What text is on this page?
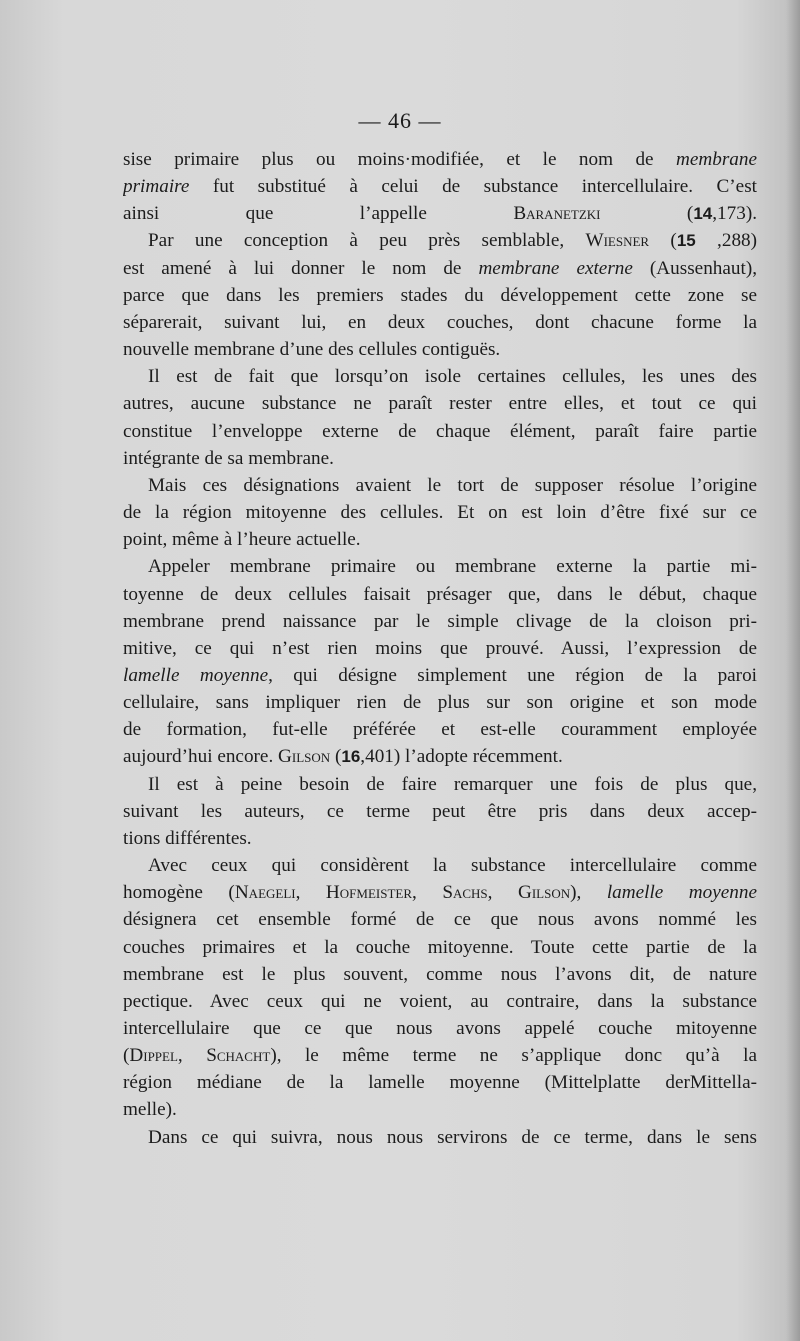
— 46 —
sise primaire plus ou moins·modifiée, et le nom de membrane
primaire fut substitué à celui de substance intercellulaire. C’est
ainsi que l’appelle Baranetzki (14,173).
Par une conception à peu près semblable, Wiesner (15 ,288)
est amené à lui donner le nom de membrane externe (Aussenhaut),
parce que dans les premiers stades du développement cette zone se
séparerait, suivant lui, en deux couches, dont chacune forme la
nouvelle membrane d’une des cellules contiguës.
Il est de fait que lorsqu’on isole certaines cellules, les unes des
autres, aucune substance ne paraît rester entre elles, et tout ce qui
constitue l’enveloppe externe de chaque élément, paraît faire partie
intégrante de sa membrane.
Mais ces désignations avaient le tort de supposer résolue l’origine
de la région mitoyenne des cellules. Et on est loin d’être fixé sur ce
point, même à l’heure actuelle.
Appeler membrane primaire ou membrane externe la partie mi-
toyenne de deux cellules faisait présager que, dans le début, chaque
membrane prend naissance par le simple clivage de la cloison pri-
mitive, ce qui n’est rien moins que prouvé. Aussi, l’expression de
lamelle moyenne, qui désigne simplement une région de la paroi
cellulaire, sans impliquer rien de plus sur son origine et son mode
de formation, fut-elle préférée et est-elle couramment employée
aujourd’hui encore. Gilson (16,401) l’adopte récemment.
Il est à peine besoin de faire remarquer une fois de plus que,
suivant les auteurs, ce terme peut être pris dans deux accep-
tions différentes.
Avec ceux qui considèrent la substance intercellulaire comme
homogène (Naegeli, Hofmeister, Sachs, Gilson), lamelle moyenne
désignera cet ensemble formé de ce que nous avons nommé les
couches primaires et la couche mitoyenne. Toute cette partie de la
membrane est le plus souvent, comme nous l’avons dit, de nature
pectique. Avec ceux qui ne voient, au contraire, dans la substance
intercellulaire que ce que nous avons appelé couche mitoyenne
(Dippel, Schacht), le même terme ne s’applique donc qu’à la
région médiane de la lamelle moyenne (Mittelplatte derMittella-
melle).
Dans ce qui suivra, nous nous servirons de ce terme, dans le sens
